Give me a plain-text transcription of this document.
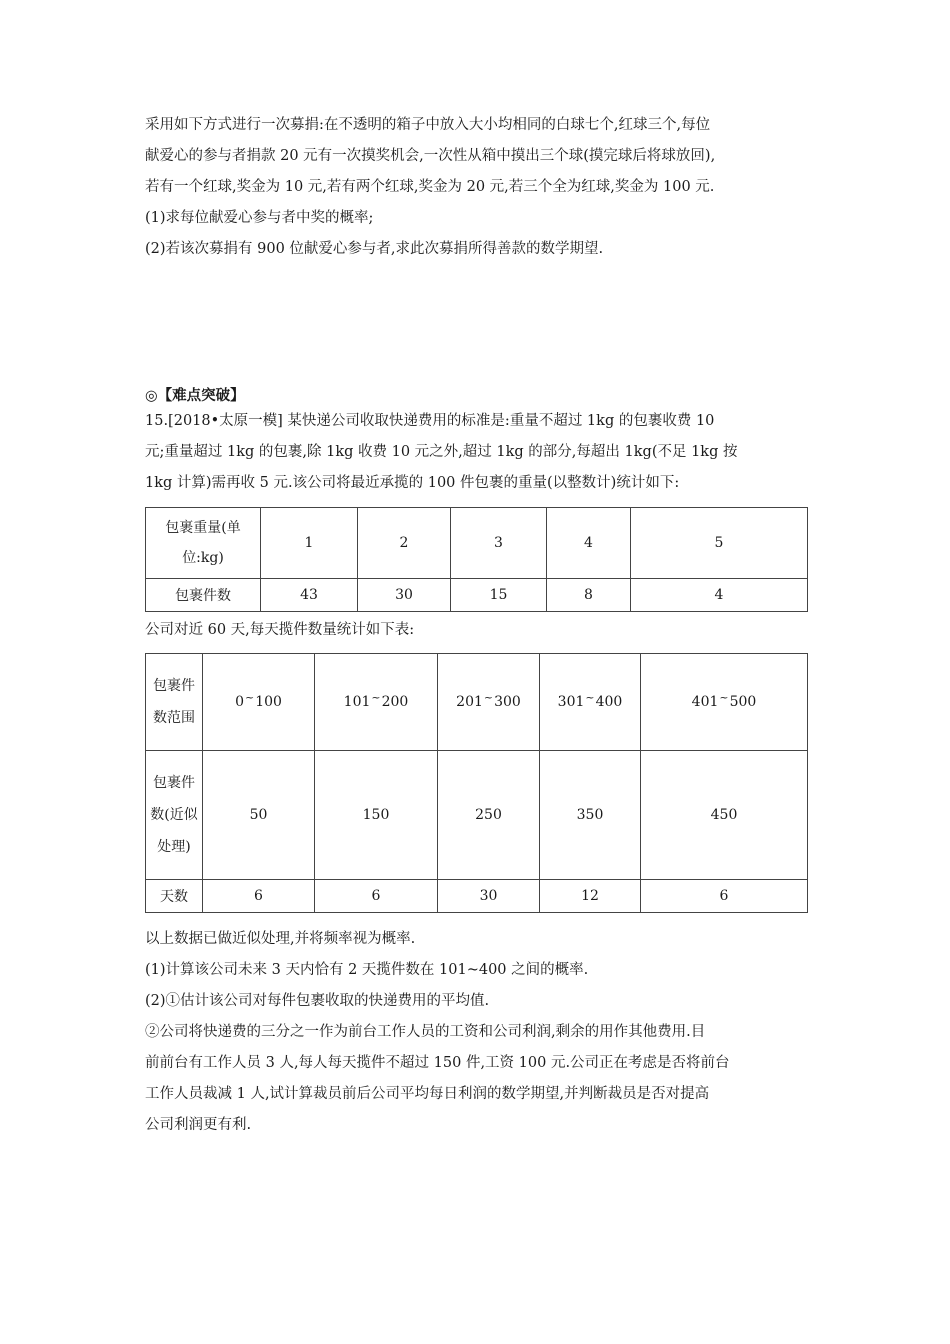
采用如下方式进行一次募捐:在不透明的箱子中放入大小均相同的白球七个,红球三个,每位
献爱心的参与者捐款 20 元有一次摸奖机会,一次性从箱中摸出三个球(摸完球后将球放回),
若有一个红球,奖金为 10 元,若有两个红球,奖金为 20 元,若三个全为红球,奖金为 100 元.
(1)求每位献爱心参与者中奖的概率;
(2)若该次募捐有 900 位献爱心参与者,求此次募捐所得善款的数学期望.
◎【难点突破】
15.[2018•太原一模] 某快递公司收取快递费用的标准是:重量不超过 1kg 的包裹收费 10
元;重量超过 1kg 的包裹,除 1kg 收费 10 元之外,超过 1kg 的部分,每超出 1kg(不足 1kg 按
1kg 计算)需再收 5 元.该公司将最近承揽的 100 件包裹的重量(以整数计)统计如下:
包裹重量(单位:kg)	1	2	3	4	5
包裹件数	43	30	15	8	4
公司对近 60 天,每天揽件数量统计如下表:
包裹件数范围	0~100	101~200	201~300	301~400	401~500
包裹件数(近似处理)	50	150	250	350	450
天数	6	6	30	12	6
以上数据已做近似处理,并将频率视为概率.
(1)计算该公司未来 3 天内恰有 2 天揽件数在 101~400 之间的概率.
(2)①估计该公司对每件包裹收取的快递费用的平均值.
②公司将快递费的三分之一作为前台工作人员的工资和公司利润,剩余的用作其他费用.目
前前台有工作人员 3 人,每人每天揽件不超过 150 件,工资 100 元.公司正在考虑是否将前台
工作人员裁减 1 人,试计算裁员前后公司平均每日利润的数学期望,并判断裁员是否对提高
公司利润更有利.
